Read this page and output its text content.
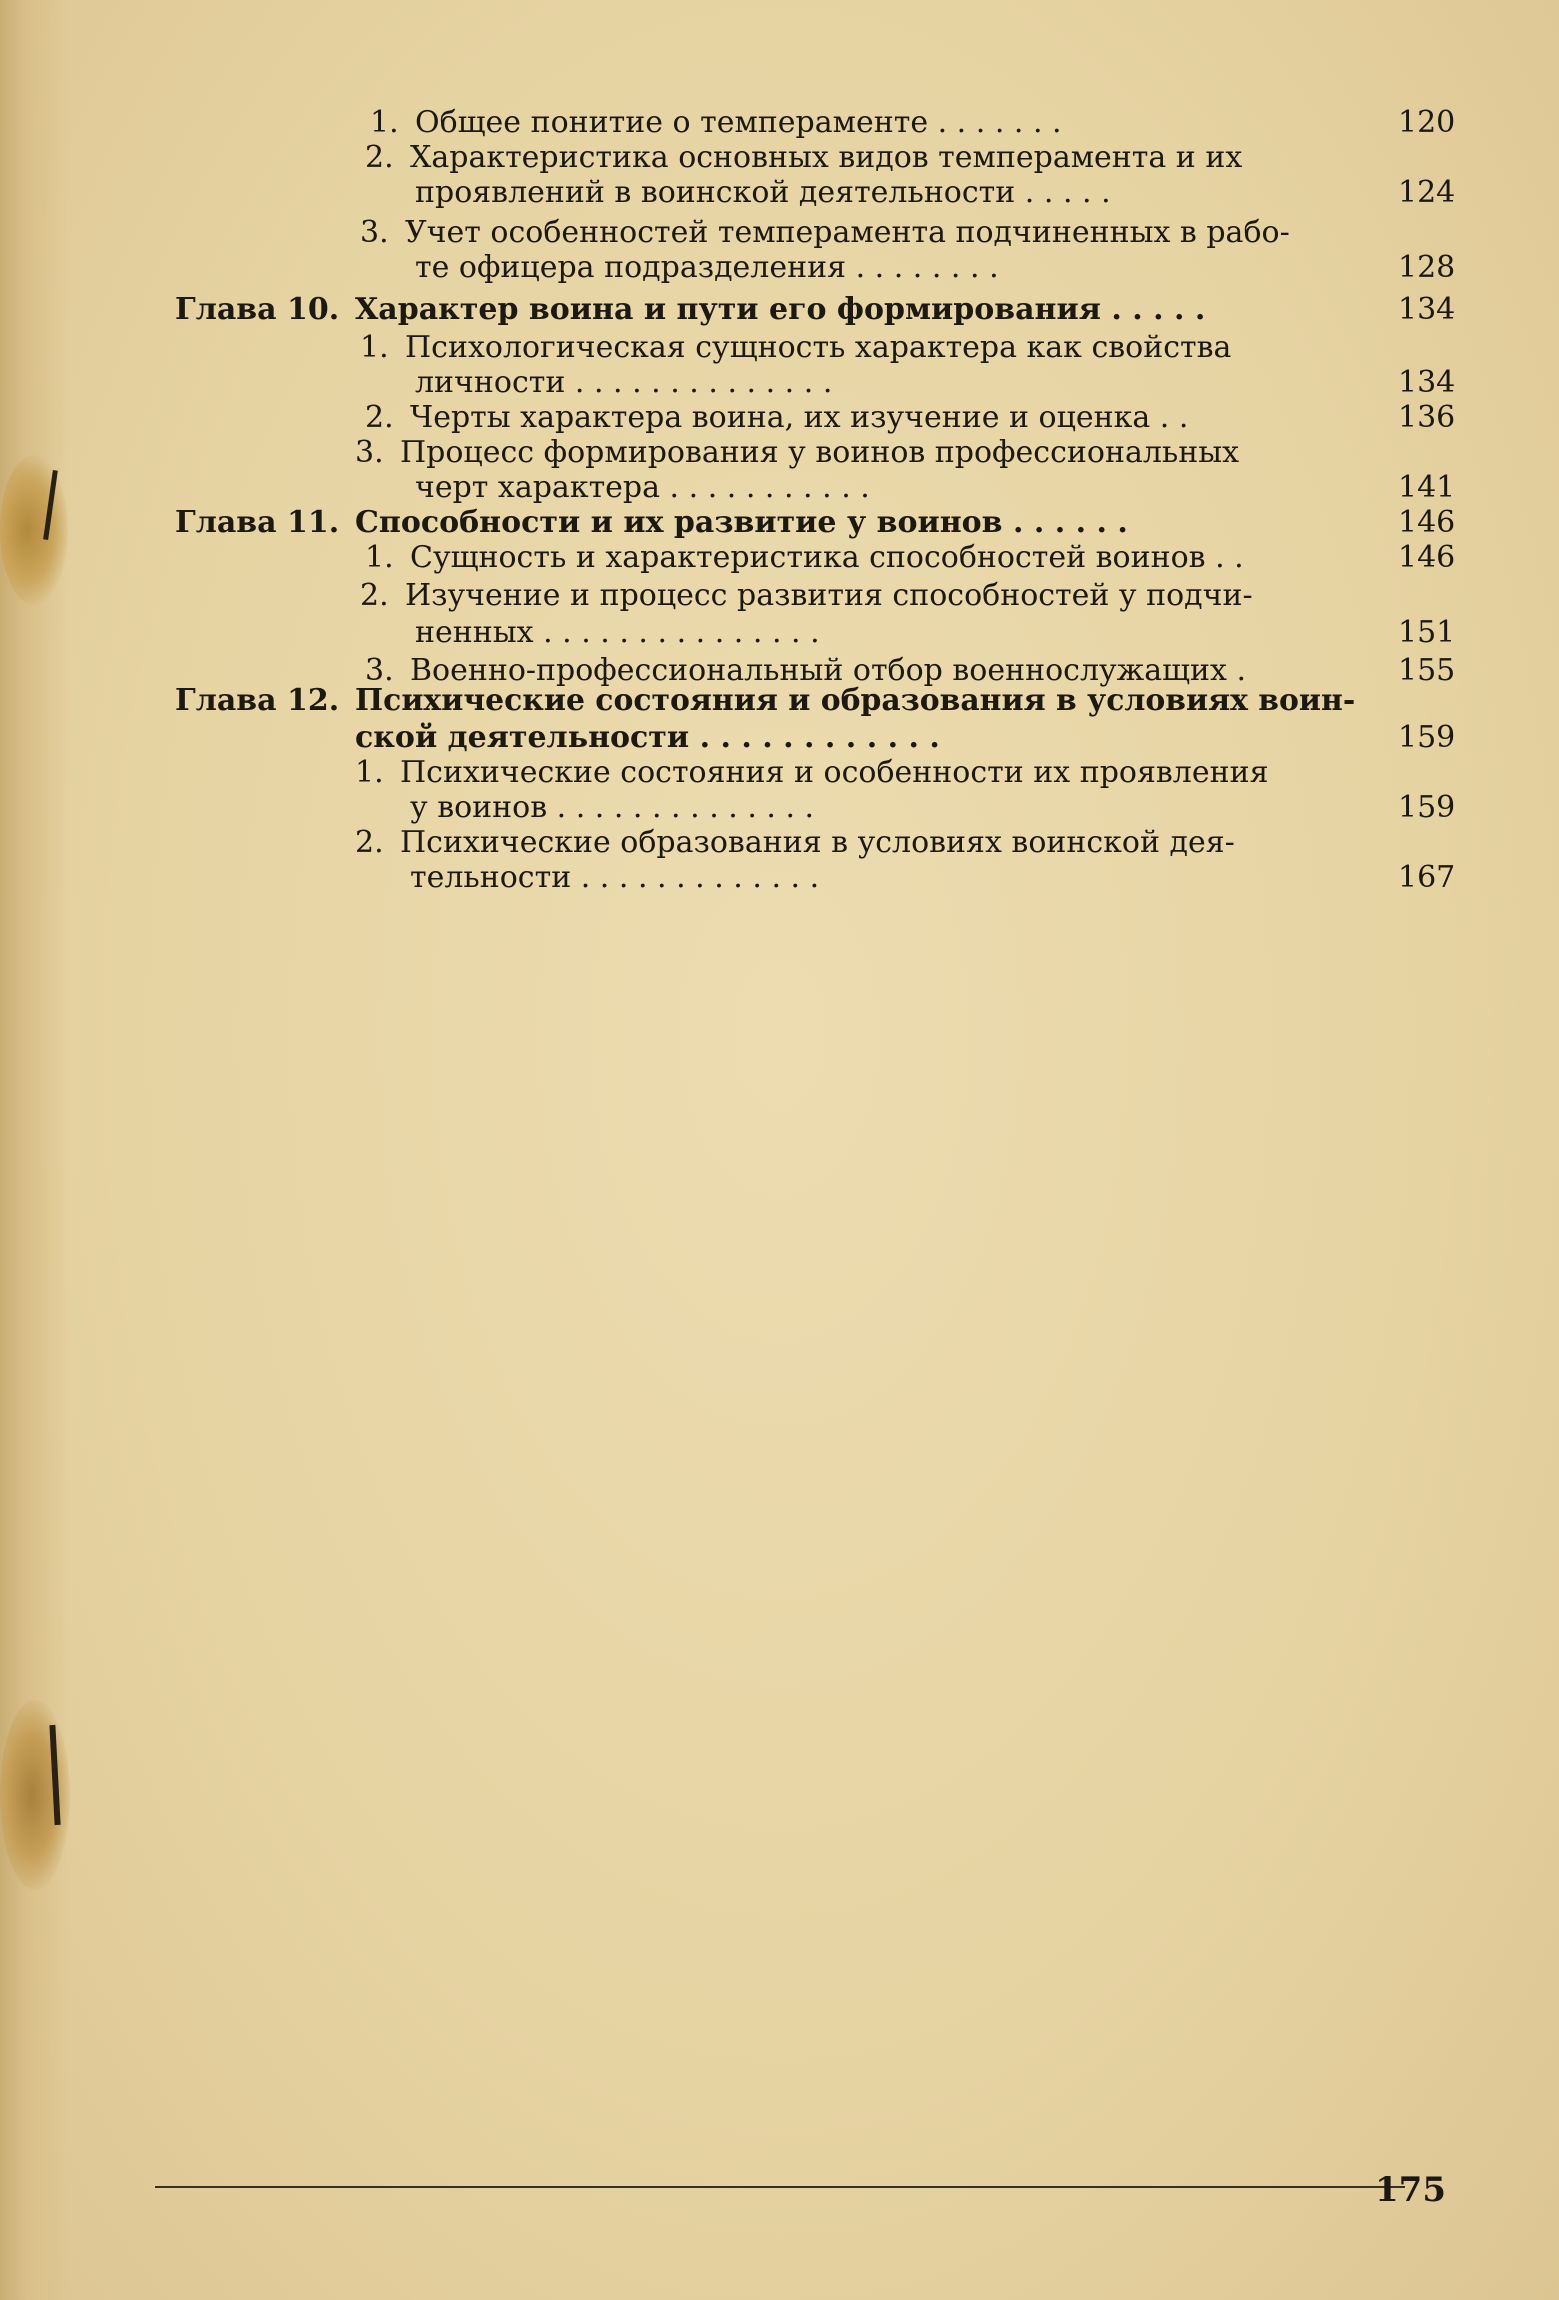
1. Общее понитие о темпераменте . . . . . . .	120
2. Характеристика основных видов темперамента и их
проявлений в воинской деятельности . . . . .	124
3. Учет особенностей темперамента подчиненных в рабо-
те офицера подразделения . . . . . . . .	128
Глава 10. Характер воина и пути его формирования . . . . .	134
1. Психологическая сущность характера как свойства
личности . . . . . . . . . . . . . .	134
2. Черты характера воина, их изучение и оценка . .	136
3. Процесс формирования у воинов профессиональных
черт характера . . . . . . . . . . .	141
Глава 11. Способности и их развитие у воинов . . . . . .	146
1. Сущность и характеристика способностей воинов . .	146
2. Изучение и процесс развития способностей у подчи-
ненных . . . . . . . . . . . . . . .	151
3. Военно-профессиональный отбор военнослужащих .	155
Глава 12. Психические состояния и образования в условиях воин-
ской деятельности . . . . . . . . . . . .	159
1. Психические состояния и особенности их проявления
у воинов . . . . . . . . . . . . . .	159
2. Психические образования в условиях воинской дея-
тельности . . . . . . . . . . . . .	167
175
